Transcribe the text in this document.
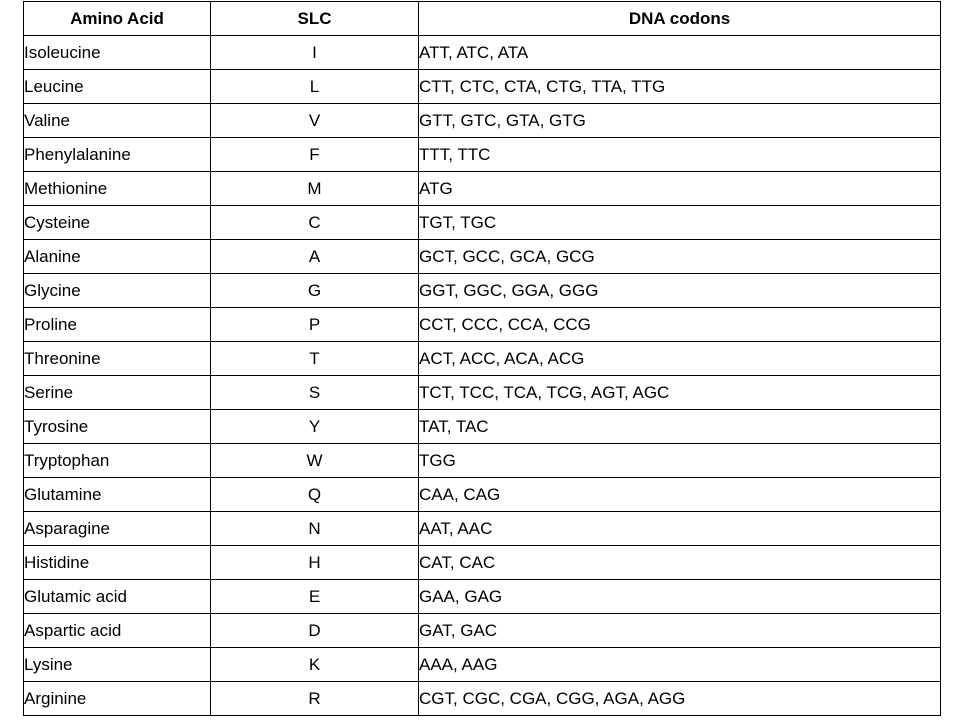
Amino Acid	SLC	DNA codons
Isoleucine	I	ATT, ATC, ATA
Leucine	L	CTT, CTC, CTA, CTG, TTA, TTG
Valine	V	GTT, GTC, GTA, GTG
Phenylalanine	F	TTT, TTC
Methionine	M	ATG
Cysteine	C	TGT, TGC
Alanine	A	GCT, GCC, GCA, GCG
Glycine	G	GGT, GGC, GGA, GGG
Proline	P	CCT, CCC, CCA, CCG
Threonine	T	ACT, ACC, ACA, ACG
Serine	S	TCT, TCC, TCA, TCG, AGT, AGC
Tyrosine	Y	TAT, TAC
Tryptophan	W	TGG
Glutamine	Q	CAA, CAG
Asparagine	N	AAT, AAC
Histidine	H	CAT, CAC
Glutamic acid	E	GAA, GAG
Aspartic acid	D	GAT, GAC
Lysine	K	AAA, AAG
Arginine	R	CGT, CGC, CGA, CGG, AGA, AGG
